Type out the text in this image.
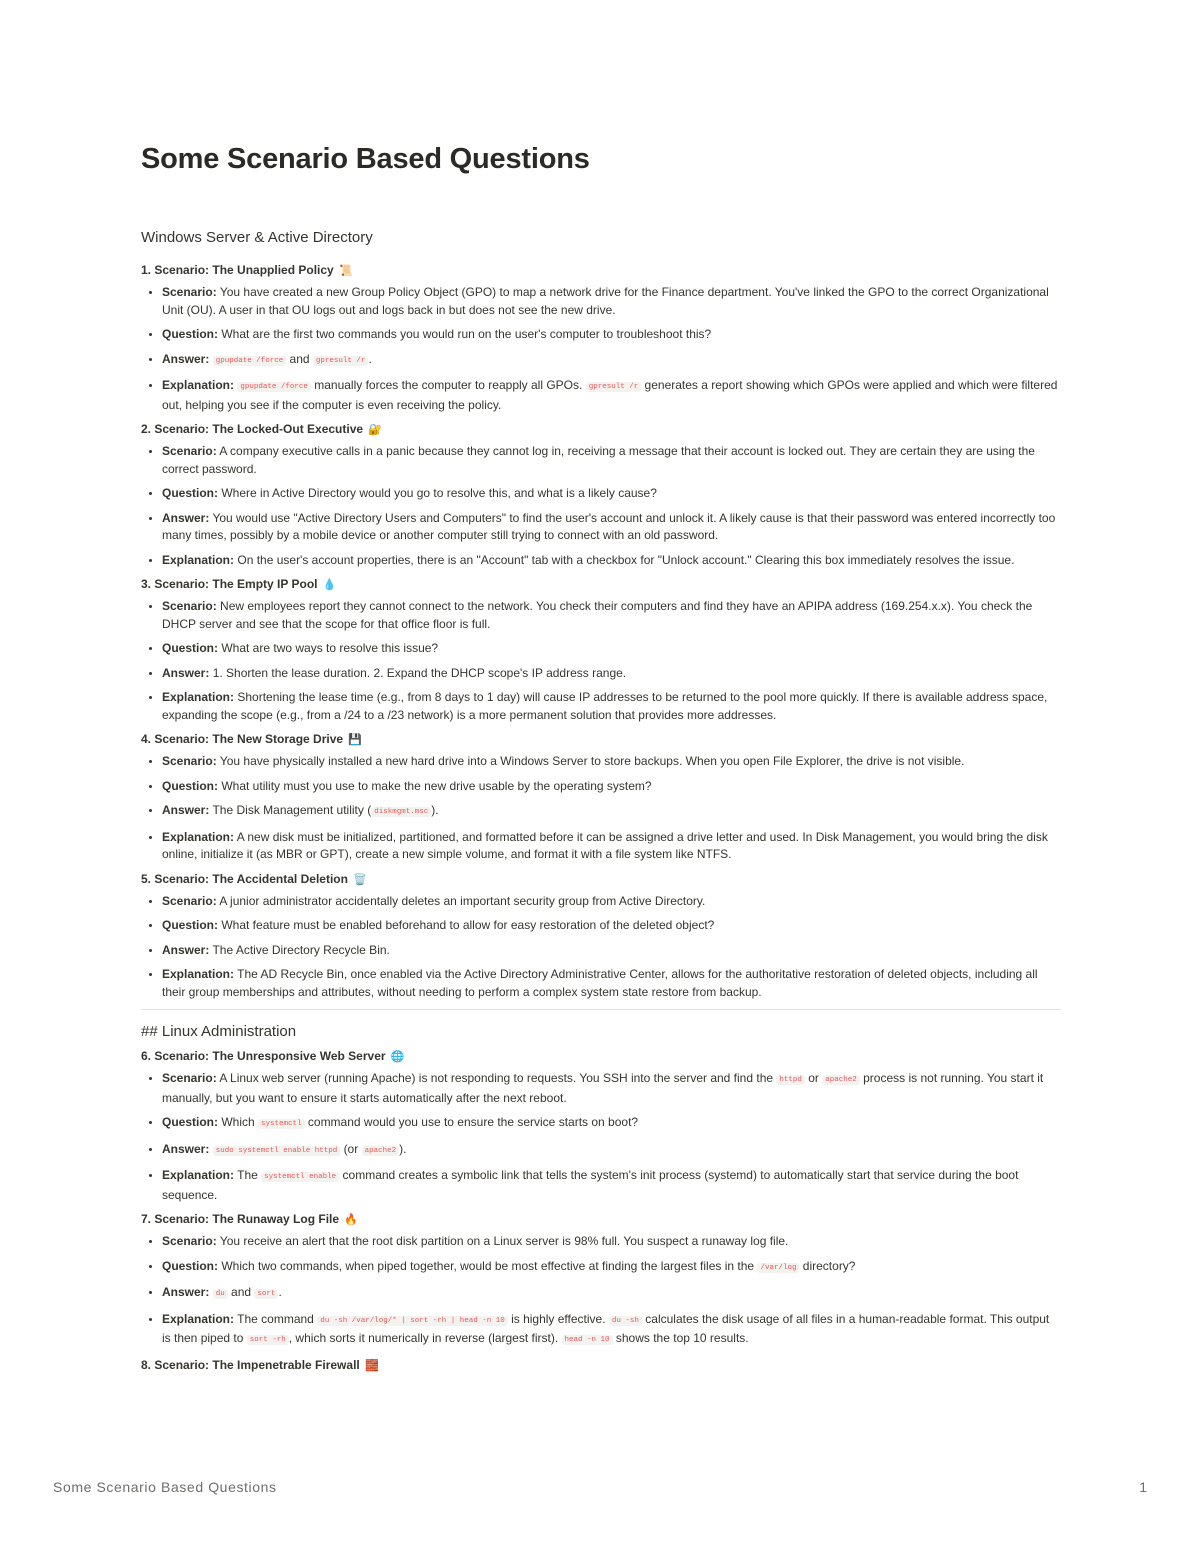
Some Scenario Based Questions
Windows Server & Active Directory
1. Scenario: The Unapplied Policy 📜
• Scenario: You have created a new Group Policy Object (GPO) to map a network drive for the Finance department. You've linked the GPO to the correct Organizational Unit (OU). A user in that OU logs out and logs back in but does not see the new drive.
• Question: What are the first two commands you would run on the user's computer to troubleshoot this?
• Answer: gpupdate /force and gpresult /r .
• Explanation: gpupdate /force manually forces the computer to reapply all GPOs. gpresult /r generates a report showing which GPOs were applied and which were filtered out, helping you see if the computer is even receiving the policy.
2. Scenario: The Locked-Out Executive 🔐
• Scenario: A company executive calls in a panic because they cannot log in, receiving a message that their account is locked out. They are certain they are using the correct password.
• Question: Where in Active Directory would you go to resolve this, and what is a likely cause?
• Answer: You would use "Active Directory Users and Computers" to find the user's account and unlock it. A likely cause is that their password was entered incorrectly too many times, possibly by a mobile device or another computer still trying to connect with an old password.
• Explanation: On the user's account properties, there is an "Account" tab with a checkbox for "Unlock account." Clearing this box immediately resolves the issue.
3. Scenario: The Empty IP Pool 💧
• Scenario: New employees report they cannot connect to the network. You check their computers and find they have an APIPA address (169.254.x.x). You check the DHCP server and see that the scope for that office floor is full.
• Question: What are two ways to resolve this issue?
• Answer: 1. Shorten the lease duration. 2. Expand the DHCP scope's IP address range.
• Explanation: Shortening the lease time (e.g., from 8 days to 1 day) will cause IP addresses to be returned to the pool more quickly. If there is available address space, expanding the scope (e.g., from a /24 to a /23 network) is a more permanent solution that provides more addresses.
4. Scenario: The New Storage Drive 💾
• Scenario: You have physically installed a new hard drive into a Windows Server to store backups. When you open File Explorer, the drive is not visible.
• Question: What utility must you use to make the new drive usable by the operating system?
• Answer: The Disk Management utility ( diskmgmt.msc ).
• Explanation: A new disk must be initialized, partitioned, and formatted before it can be assigned a drive letter and used. In Disk Management, you would bring the disk online, initialize it (as MBR or GPT), create a new simple volume, and format it with a file system like NTFS.
5. Scenario: The Accidental Deletion 🗑️
• Scenario: A junior administrator accidentally deletes an important security group from Active Directory.
• Question: What feature must be enabled beforehand to allow for easy restoration of the deleted object?
• Answer: The Active Directory Recycle Bin.
• Explanation: The AD Recycle Bin, once enabled via the Active Directory Administrative Center, allows for the authoritative restoration of deleted objects, including all their group memberships and attributes, without needing to perform a complex system state restore from backup.
## Linux Administration
6. Scenario: The Unresponsive Web Server 🌐
• Scenario: A Linux web server (running Apache) is not responding to requests. You SSH into the server and find the httpd or apache2 process is not running. You start it manually, but you want to ensure it starts automatically after the next reboot.
• Question: Which systemctl command would you use to ensure the service starts on boot?
• Answer: sudo systemctl enable httpd (or apache2 ).
• Explanation: The systemctl enable command creates a symbolic link that tells the system's init process (systemd) to automatically start that service during the boot sequence.
7. Scenario: The Runaway Log File 🔥
• Scenario: You receive an alert that the root disk partition on a Linux server is 98% full. You suspect a runaway log file.
• Question: Which two commands, when piped together, would be most effective at finding the largest files in the /var/log directory?
• Answer: du and sort .
• Explanation: The command du -sh /var/log/* | sort -rh | head -n 10 is highly effective. du -sh calculates the disk usage of all files in a human-readable format. This output is then piped to sort -rh , which sorts it numerically in reverse (largest first). head -n 10 shows the top 10 results.
8. Scenario: The Impenetrable Firewall 🧱
Some Scenario Based Questions	1
